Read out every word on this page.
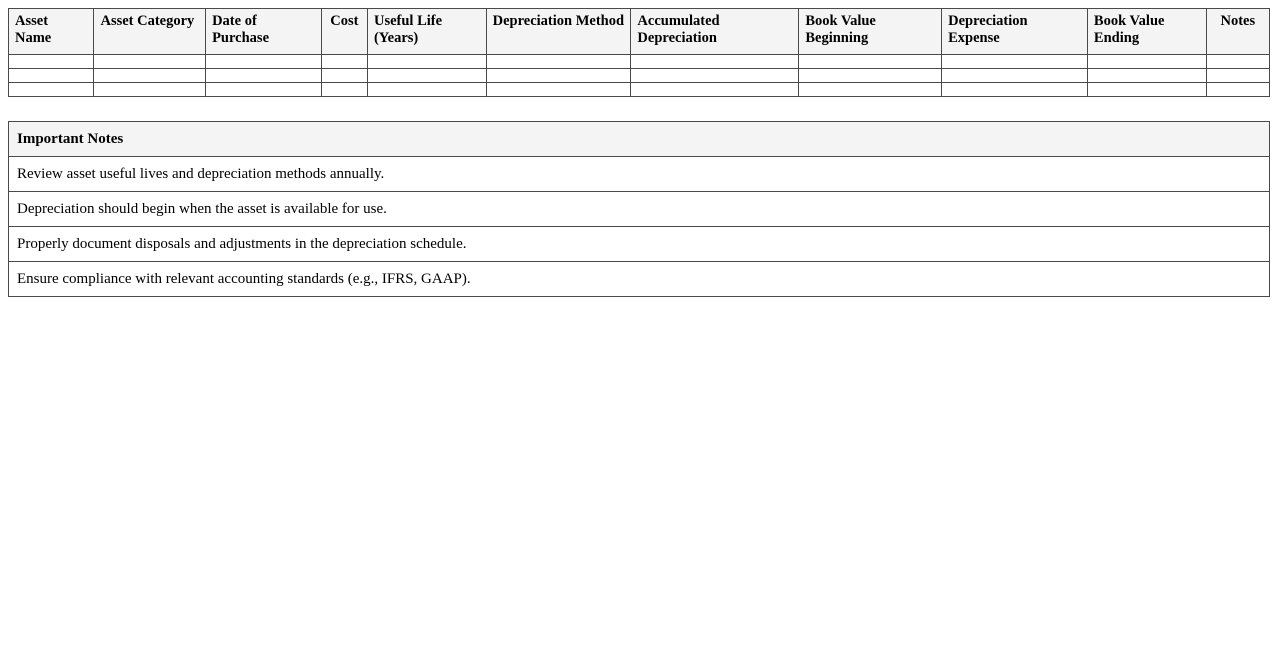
Asset Name	Asset Category	Date of Purchase	Cost	Useful Life (Years)	Depreciation Method	Accumulated Depreciation	Book Value Beginning	Depreciation Expense	Book Value Ending	Notes

Important Notes
Review asset useful lives and depreciation methods annually.
Depreciation should begin when the asset is available for use.
Properly document disposals and adjustments in the depreciation schedule.
Ensure compliance with relevant accounting standards (e.g., IFRS, GAAP).
